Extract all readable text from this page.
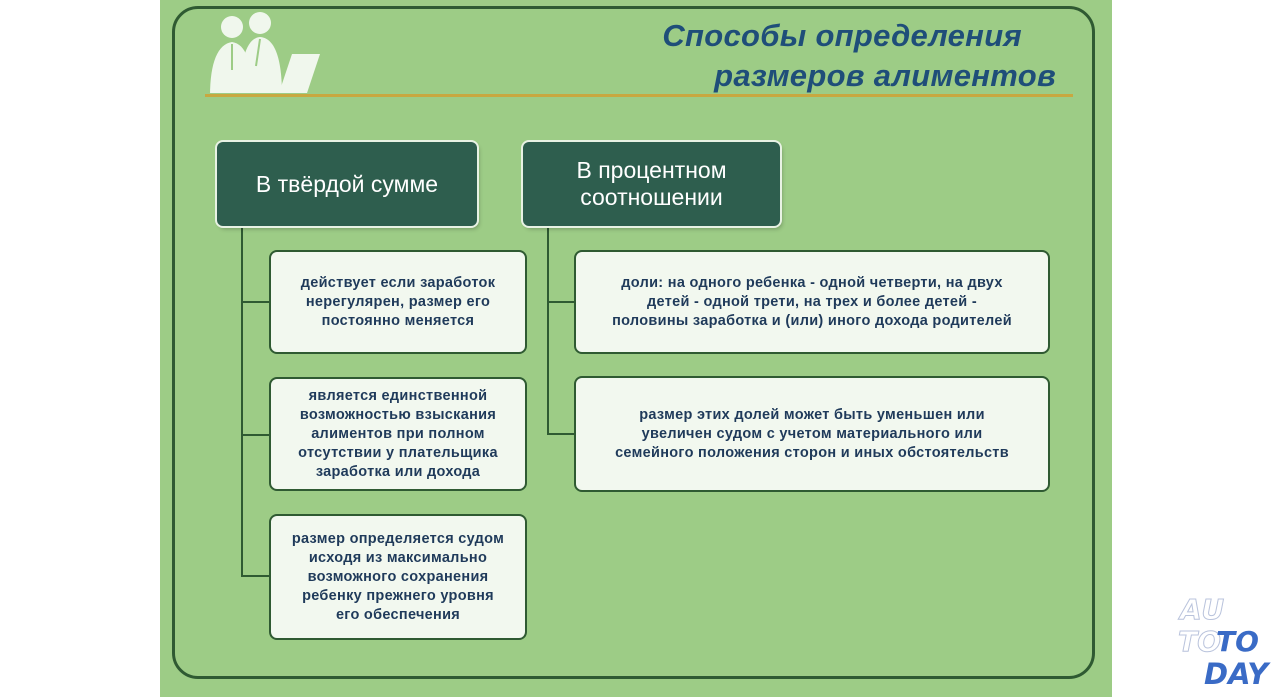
Способы определения
размеров алиментов
В твёрдой сумме
В процентном
соотношении
действует если заработок
нерегулярен, размер его
постоянно меняется
является единственной
возможностью взыскания
алиментов при полном
отсутствии у плательщика
заработка или дохода
размер определяется судом
исходя из максимально
возможного сохранения
ребенку прежнего уровня
его обеспечения
доли: на одного ребенка - одной четверти, на двух
детей - одной трети, на трех и более детей -
половины заработка и (или) иного дохода родителей
размер этих долей может быть уменьшен или
увеличен судом с учетом материального или
семейного положения сторон и иных обстоятельств
AU
TO
TO
DAY
